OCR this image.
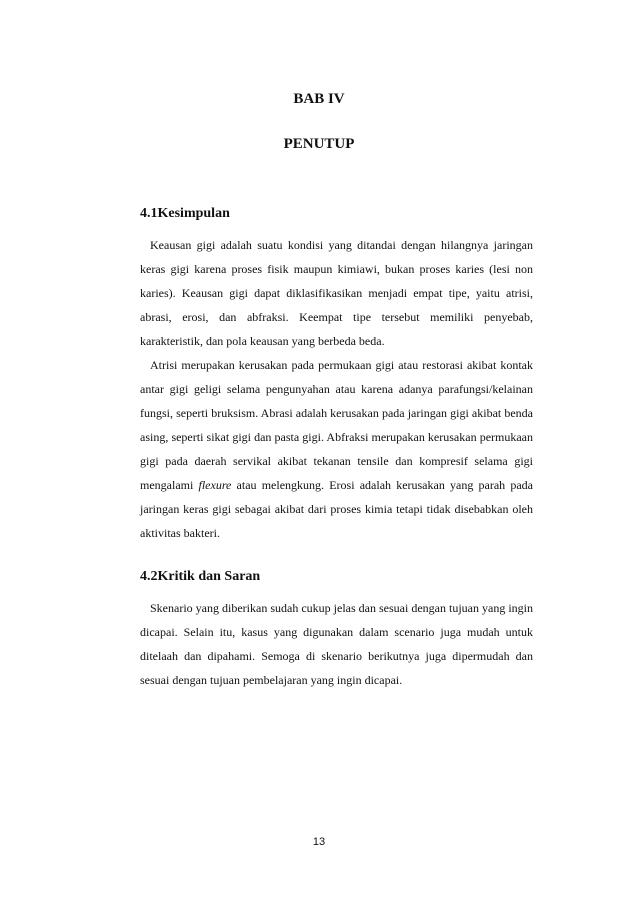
BAB IV
PENUTUP
4.1Kesimpulan

Keausan gigi adalah suatu kondisi yang ditandai dengan hilangnya jaringan keras gigi karena proses fisik maupun kimiawi, bukan proses karies (lesi non karies). Keausan gigi dapat diklasifikasikan menjadi empat tipe, yaitu atrisi, abrasi, erosi, dan abfraksi. Keempat tipe tersebut memiliki penyebab, karakteristik, dan pola keausan yang berbeda beda.

Atrisi merupakan kerusakan pada permukaan gigi atau restorasi akibat kontak antar gigi geligi selama pengunyahan atau karena adanya parafungsi/kelainan fungsi, seperti bruksism. Abrasi adalah kerusakan pada jaringan gigi akibat benda asing, seperti sikat gigi dan pasta gigi. Abfraksi merupakan kerusakan permukaan gigi pada daerah servikal akibat tekanan tensile dan kompresif selama gigi mengalami flexure atau melengkung. Erosi adalah kerusakan yang parah pada jaringan keras gigi sebagai akibat dari proses kimia tetapi tidak disebabkan oleh aktivitas bakteri.

4.2Kritik dan Saran

Skenario yang diberikan sudah cukup jelas dan sesuai dengan tujuan yang ingin dicapai. Selain itu, kasus yang digunakan dalam scenario juga mudah untuk ditelaah dan dipahami. Semoga di skenario berikutnya juga dipermudah dan sesuai dengan tujuan pembelajaran yang ingin dicapai.

13
